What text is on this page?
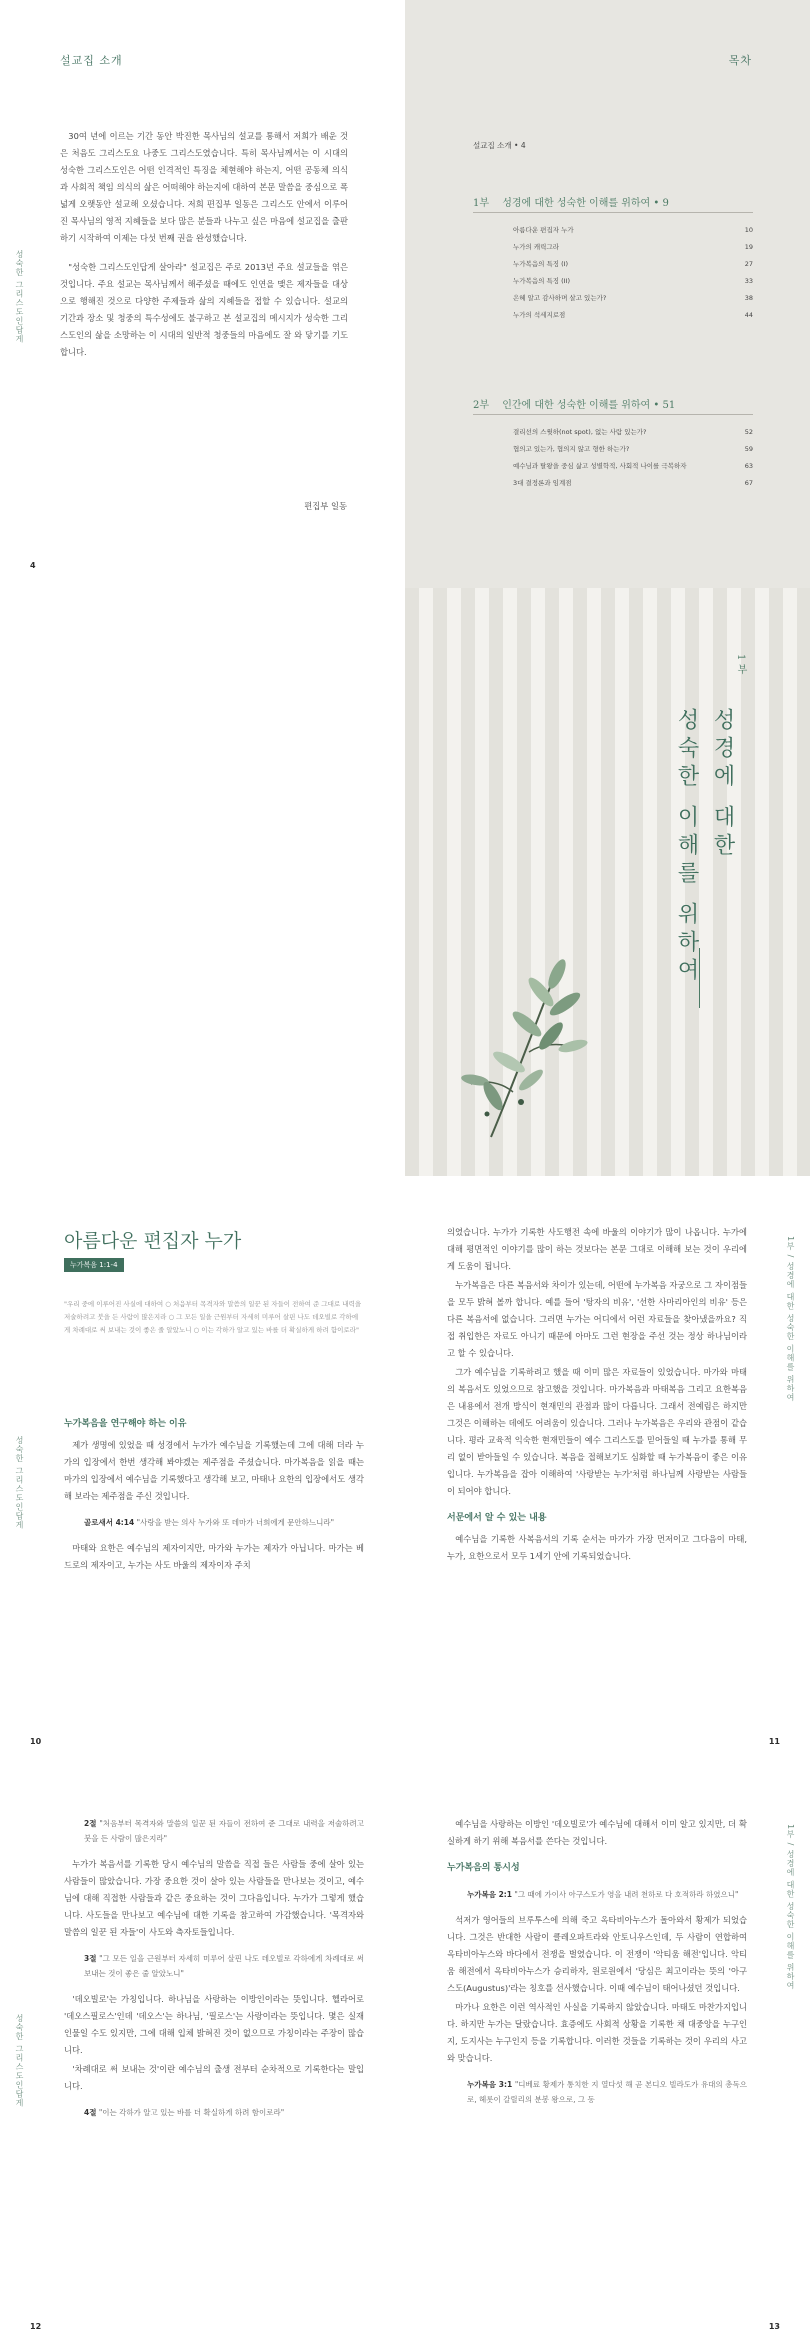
설교집 소개
성숙한 그리스도인답게

30여 년에 이르는 기간 동안 박진한 목사님의 설교를 통해서 저희가 배운 것은 처음도 그리스도요 나중도 그리스도였습니다. 특히 목사님께서는 이 시대의 성숙한 그리스도인은 어떤 인격적인 특징을 체현해야 하는지, 어떤 공동체 의식과 사회적 책임 의식의 삶은 어떠해야 하는지에 대하여 본문 말씀을 중심으로 폭넓게 오랫동안 설교해 오셨습니다. 저희 편집부 일동은 그리스도 안에서 이루어진 목사님의 영적 지혜들을 보다 많은 분들과 나누고 싶은 마음에 설교집을 출판하기 시작하여 이제는 다섯 번째 권을 완성했습니다.

"성숙한 그리스도인답게 살아라" 설교집은 주로 2013년 주요 설교들을 엮은 것입니다. 주요 설교는 목사님께서 해주셨을 때에도 인연을 맺은 제자들을 대상으로 행해진 것으로 다양한 주제들과 삶의 지혜들을 접할 수 있습니다. 설교의 기간과 장소 및 청중의 특수성에도 불구하고 본 설교집의 메시지가 성숙한 그리스도인의 삶을 소망하는 이 시대의 일반적 청중들의 마음에도 잘 와 닿기를 기도합니다.

편집부 일동
4
목차
설교집 소개 • 4
1부 성경에 대한 성숙한 이해를 위하여 • 9
아름다운 편집자 누가	10
누가의 캐릭그라	19
누가복음의 특징 (I)	27
누가복음의 특징 (II)	33
은혜 알고 감사하며 살고 있는가?	38
누가의 석세지로점	44
2부 인간에 대한 성숙한 이해를 위하여 • 51
결리선의 스윗하(not spot), 없는 사람 있는가?	52
협의고 있는가, 협의지 않고 형한 하는가?	59
예수님과 탈왕을 중심 삶고 성별학적, 사회적 나이를 극복하자	63
3대 결정론과 임계점	67
1부
성경에 대한
성숙한 이해를 위하여
아름다운 편집자 누가
누가복음 1:1-4
"우리 중에 이루어진 사실에 대하여 ○ 처음부터 목격자와 말씀의 일꾼 된 자들이 전하여 준 그대로 내력을 저술하려고 붓을 든 사람이 많은지라 ○ 그 모든 일을 근원부터 자세히 미루어 살핀 나도 데오빌로 각하에게 차례대로 써 보내는 것이 좋은 줄 알았노니 ○ 이는 각하가 알고 있는 바를 더 확실하게 하려 함이로라"
성숙한 그리스도인답게
누가복음을 연구해야 하는 이유

제가 생명에 있었을 때 성경에서 누가가 예수님을 기록했는데 그에 대해 더라 누가의 입장에서 한번 생각해 봐야겠는 제주점을 주셨습니다. 마가복음을 읽을 때는 마가의 입장에서 예수님을 기록했다고 생각해 보고, 마태나 요한의 입장에서도 생각해 보라는 제주점을 주신 것입니다.

골로새서 4:14 "사랑을 받는 의사 누가와 또 데마가 너희에게 문안하느니라"

마태와 요한은 예수님의 제자이지만, 마가와 누가는 제자가 아닙니다. 마가는 베드로의 제자이고, 누가는 사도 바울의 제자이자 주치

10
1부 / 성경에 대한 성숙한 이해를 위하여

의였습니다. 누가가 기록한 사도행전 속에 바울의 이야기가 많이 나옵니다. 누가에 대해 평면적인 이야기를 많이 하는 것보다는 본문 그대로 이해해 보는 것이 우리에게 도움이 됩니다.

누가복음은 다른 복음서와 차이가 있는데, 어떤에 누가복음 자궁으로 그 자이점들을 모두 밝혀 볼까 합니다. 예를 들어 '탕자의 비유', '선한 사마리아인의 비유' 등은 다른 복음서에 없습니다. 그러면 누가는 어디에서 어런 자료들을 찾아냈을까요? 직접 취입한은 자료도 아니기 때문에 아마도 그런 현장을 주선 것는 정상 하나님이라고 할 수 있습니다.

그가 예수님을 기록하려고 했을 때 이미 많은 자료들이 있었습니다. 마가와 마태의 복음서도 있었으므로 참고했을 것입니다. 마가복음과 마태복음 그리고 요한복음은 내용에서 전개 방식이 현재민의 관점과 많이 다릅니다. 그래서 전예림은 하지만 그것은 이해하는 데에도 어려움이 있습니다. 그러나 누가복음은 우리와 관점이 같습니다. 평라 교육적 익숙한 현재민들이 예수 그리스도를 믿어들일 때 누가를 통해 무리 없이 받아들일 수 있습니다. 복음을 접해보기도 심화할 때 누가복음이 좋은 이유입니다. 누가복음을 잡아 이해하여 '사랑받는 누가'처럼 하나님께 사랑받는 사람들이 되어야 합니다.

서문에서 알 수 있는 내용

예수님을 기록한 사복음서의 기록 순서는 마가가 가장 먼저이고 그다음이 마태, 누가, 요한으로서 모두 1세기 안에 기록되었습니다.

11
성숙한 그리스도인답게
2절 "처음부터 목격자와 말씀의 일꾼 된 자들이 전하여 준 그대로 내력을 저술하려고 붓을 든 사람이 많은지라"

누가가 복음서를 기록한 당시 예수님의 말씀을 직접 들은 사람들 중에 살아 있는 사람들이 많았습니다. 가장 중요한 것이 살아 있는 사람들을 만나보는 것이고, 예수님에 대해 직접한 사람들과 같은 중요하는 것이 그다음입니다. 누가가 그렇게 했습니다. 사도들을 만나보고 예수님에 대한 기록을 참고하여 가감했습니다. '목격자와 말씀의 일꾼 된 자들'이 사도와 측자토들입니다.

3절 "그 모든 일을 근원부터 자세히 미루어 살핀 나도 데오빌로 각하에게 차례대로 써 보내는 것이 좋은 줄 알았노니"

'데오빌로'는 가칭입니다. 하나님을 사랑하는 이방인이라는 뜻입니다. 헬라어로 '데오스필로스'인데 '데오스'는 하나님, '필로스'는 사랑이라는 뜻입니다. 몇은 실재 인물일 수도 있지만, 그에 대해 입체 밝혀진 것이 없으므로 가칭이라는 주장이 많습니다.

'차례대로 써 보내는 것'이란 예수님의 출생 전부터 순차적으로 기록한다는 말입니다.

4절 "이는 각하가 알고 있는 바를 더 확실하게 하려 함이로라"
12
1부 / 성경에 대한 성숙한 이해를 위하여

예수님을 사랑하는 이방인 '데오빌로'가 예수님에 대해서 이미 알고 있지만, 더 확실하게 하기 위해 복음서를 쓴다는 것입니다.

누가복음의 통시성
누가복음 2:1 "그 때에 가이사 아구스도가 영을 내려 천하로 다 호적하라 하였으니"

석저가 영어들의 브루투스에 의해 죽고 옥타비아누스가 돌아와서 황제가 되었습니다. 그것은 반대한 사람이 클레오파트라와 안토니우스인데, 두 사람이 연합하여 옥타비아누스와 바다에서 전쟁을 벌였습니다. 이 전쟁이 '악티움 해전'입니다. 악티움 해전에서 옥타비아누스가 승리하자, 원로원에서 '당심은 최고이라는 뜻의 '아구스도(Augustus)'라는 칭호를 선사했습니다. 이때 예수님이 태어나셨던 것입니다.

마가나 요한은 이런 역사적인 사실을 기록하지 않았습니다. 마태도 마찬가지입니다. 하지만 누가는 달랐습니다. 효증에도 사회적 상황을 기록한 채 대중앙을 누구인지, 도지사는 누구인지 등을 기록합니다. 이러한 것들을 기록하는 것이 우리의 사고와 맞습니다.

누가복음 3:1 "디베료 황제가 통치한 지 열다섯 해 곧 본디오 빌라도가 유대의 총독으로, 헤롯이 갈릴리의 분봉 왕으로, 그 동
13
